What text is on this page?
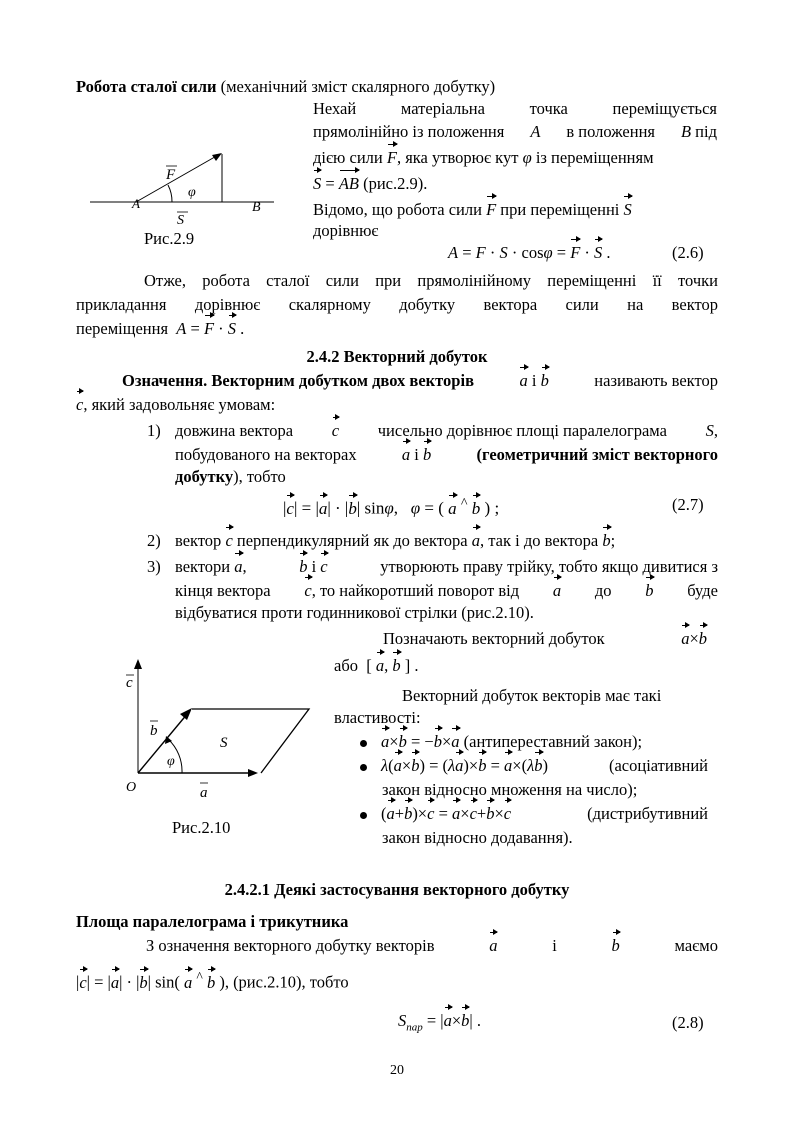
Робота сталої сили (механічний зміст скалярного добутку)
Нехай матеріальна точка переміщується
прямолінійно із положення A в положення B під
дією сили F, яка утворює кут φ із переміщенням
S = AB (рис.2.9).
Відомо, що робота сили F при переміщенні S
дорівнює
A = F · S · cosφ = F · S .	(2.6)
F
φ
A
S
B
Рис.2.9
Отже, робота сталої сили при прямолінійному переміщенні її точки
прикладання дорівнює скалярному добутку вектора сили на вектор
переміщення A = F · S .
2.4.2 Векторний добуток
Означення. Векторним добутком двох векторів	a і b	називають вектор
c, який задовольняє умовам:
1) довжина вектора c чисельно дорівнює площі паралелограма S,
побудованого на векторах	a і b	(геометричний зміст векторного
добутку), тобто
|c| = |a| · |b| sinφ,   φ = ( a ^ b ) ;	(2.7)
2) вектор c перпендикулярний як до вектора a, так і до вектора b;
3) вектори a,	b і c	утворюють праву трійку, тобто якщо дивитися з
кінця вектора c, то найкоротший поворот від a до b буде
відбуватися проти годинникової стрілки (рис.2.10).
Позначають векторний добуток	a×b
або  [ a, b ] .
Векторний добуток векторів має такі
властивості:
a×b = −b×a (антипереставний закон);
λ(a×b) = (λa)×b = a×(λb)	(асоціативний
закон відносно множення на число);
(a+b)×c = a×c+b×c	(дистрибутивний
закон відносно додавання).
c
b
S
φ
O	a
Рис.2.10
2.4.2.1 Деякі застосування векторного добутку
Площа паралелограма і трикутника
З означення векторного добутку векторів	a	і	b	маємо
|c| = |a| · |b| sin( a ^ b ), (рис.2.10), тобто
$S_{пар} = |a\times b|$ .	(2.8)
20
